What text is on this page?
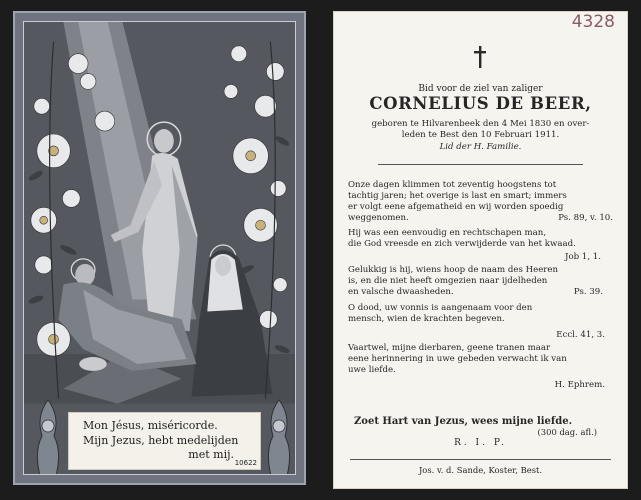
Mon Jésus, miséricorde.
Mijn Jezus, hebt medelijden
met mij.
10622
4328
Bid voor de ziel van zaliger
CORNELIUS DE BEER,
geboren te Hilvarenbeek den 4 Mei 1830 en over-
leden te Best den 10 Februari 1911.
Lid der H. Familie.
Onze dagen klimmen tot zeventig hoogstens tot
tachtig jaren; het overige is last en smart; immers
er volgt eene afgematheid en wij worden spoedig
weggenomen.	Ps. 89, v. 10.
Hij was een eenvoudig en rechtschapen man,
die God vreesde en zich verwijderde van het kwaad.
Job 1, 1.
Gelukkig is hij, wiens hoop de naam des Heeren
is, en die niet heeft omgezien naar ijdelheden
en valsche dwaasheden.	Ps. 39.
O dood, uw vonnis is aangenaam voor den
mensch, wien de krachten begeven.
Eccl. 41, 3.
Vaartwel, mijne dierbaren, geene tranen maar
eene herinnering in uwe gebeden verwacht ik van
uwe liefde.
H. Ephrem.
Zoet Hart van Jezus, wees mijne liefde.
(300 dag. afl.)
R. I. P.
Jos. v. d. Sande, Koster, Best.
